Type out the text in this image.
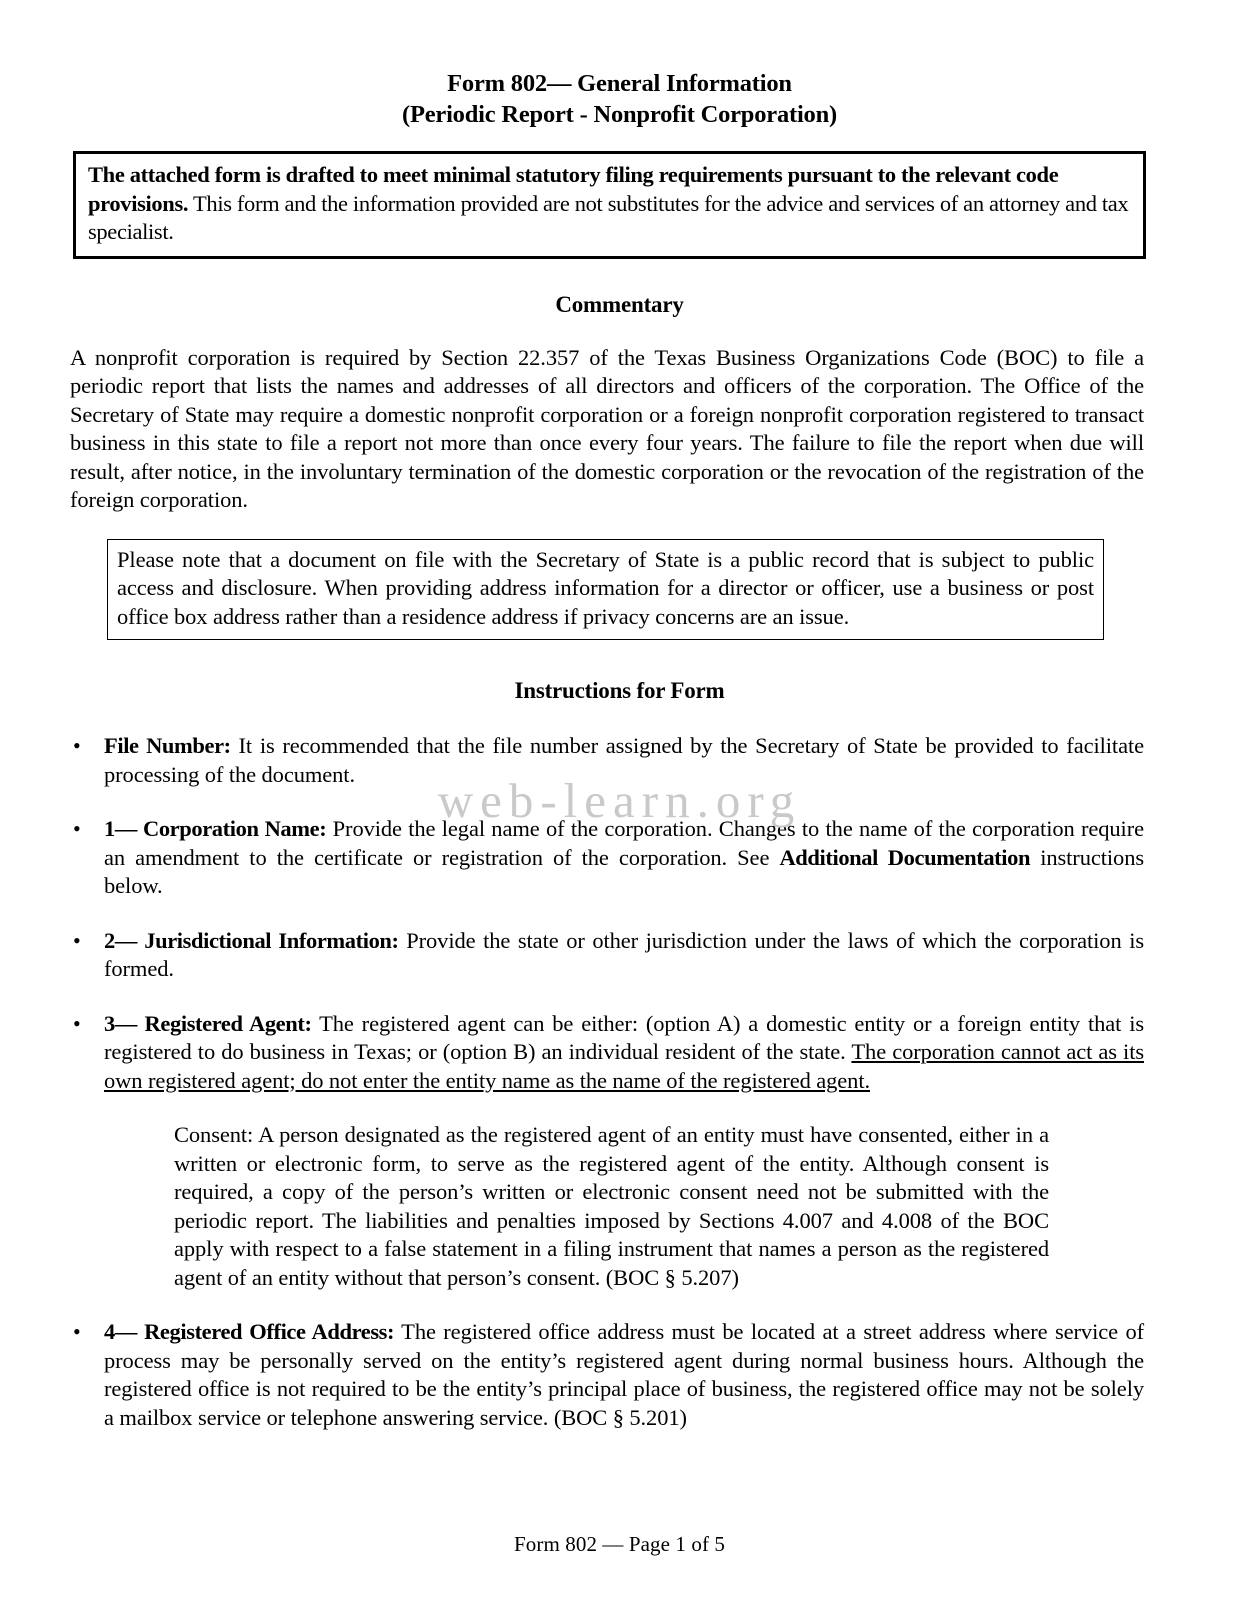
web-learn.org
Form 802— General Information
(Periodic Report - Nonprofit Corporation)

The attached form is drafted to meet minimal statutory filing requirements pursuant to the relevant code provisions. This form and the information provided are not substitutes for the advice and services of an attorney and tax specialist.

Commentary

A nonprofit corporation is required by Section 22.357 of the Texas Business Organizations Code (BOC) to file a periodic report that lists the names and addresses of all directors and officers of the corporation. The Office of the Secretary of State may require a domestic nonprofit corporation or a foreign nonprofit corporation registered to transact business in this state to file a report not more than once every four years. The failure to file the report when due will result, after notice, in the involuntary termination of the domestic corporation or the revocation of the registration of the foreign corporation.

Please note that a document on file with the Secretary of State is a public record that is subject to public access and disclosure. When providing address information for a director or officer, use a business or post office box address rather than a residence address if privacy concerns are an issue.

Instructions for Form
• File Number: It is recommended that the file number assigned by the Secretary of State be provided to facilitate processing of the document.
• 1— Corporation Name: Provide the legal name of the corporation. Changes to the name of the corporation require an amendment to the certificate or registration of the corporation. See Additional Documentation instructions below.
• 2— Jurisdictional Information: Provide the state or other jurisdiction under the laws of which the corporation is formed.
• 3— Registered Agent: The registered agent can be either: (option A) a domestic entity or a foreign entity that is registered to do business in Texas; or (option B) an individual resident of the state. The corporation cannot act as its own registered agent; do not enter the entity name as the name of the registered agent.

Consent: A person designated as the registered agent of an entity must have consented, either in a written or electronic form, to serve as the registered agent of the entity. Although consent is required, a copy of the person’s written or electronic consent need not be submitted with the periodic report. The liabilities and penalties imposed by Sections 4.007 and 4.008 of the BOC apply with respect to a false statement in a filing instrument that names a person as the registered agent of an entity without that person’s consent. (BOC § 5.207)

• 4— Registered Office Address: The registered office address must be located at a street address where service of process may be personally served on the entity’s registered agent during normal business hours. Although the registered office is not required to be the entity’s principal place of business, the registered office may not be solely a mailbox service or telephone answering service. (BOC § 5.201)
Form 802 — Page 1 of 5
